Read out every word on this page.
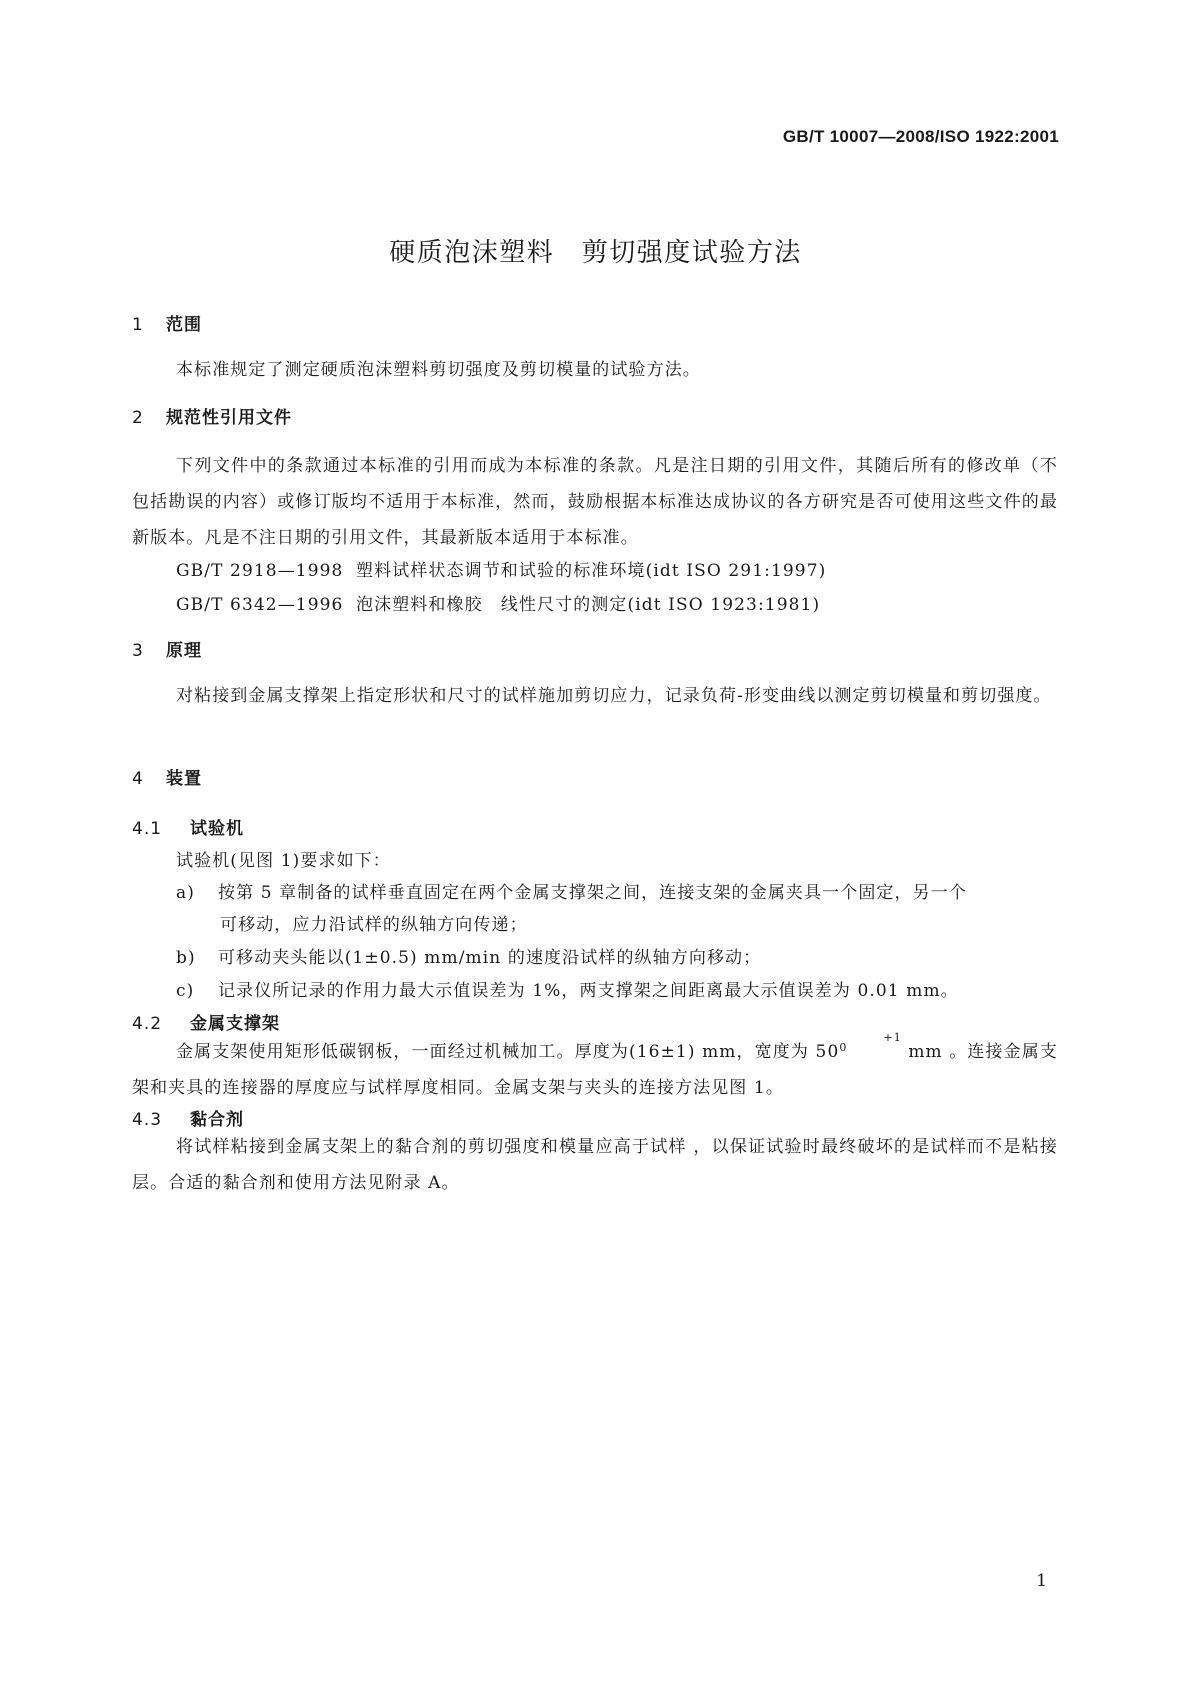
GB/T 10007—2008/ISO 1922:2001
硬质泡沫塑料　剪切强度试验方法
1 范围
本标准规定了测定硬质泡沫塑料剪切强度及剪切模量的试验方法。
2 规范性引用文件
下列文件中的条款通过本标准的引用而成为本标准的条款。凡是注日期的引用文件，其随后所有的修改单（不包括勘误的内容）或修订版均不适用于本标准，然而，鼓励根据本标准达成协议的各方研究是否可使用这些文件的最新版本。凡是不注日期的引用文件，其最新版本适用于本标准。
GB/T 2918—1998 塑料试样状态调节和试验的标准环境(idt ISO 291:1997)
GB/T 6342—1996 泡沫塑料和橡胶　线性尺寸的测定(idt ISO 1923:1981)
3 原理
对粘接到金属支撑架上指定形状和尺寸的试样施加剪切应力，记录负荷-形变曲线以测定剪切模量和剪切强度。
4 装置
4.1 试验机
试验机(见图 1)要求如下：
a) 按第 5 章制备的试样垂直固定在两个金属支撑架之间，连接支架的金属夹具一个固定，另一个
可移动，应力沿试样的纵轴方向传递；
b) 可移动夹头能以(1±0.5) mm/min 的速度沿试样的纵轴方向移动；
c) 记录仪所记录的作用力最大示值误差为 1%，两支撑架之间距离最大示值误差为 0.01 mm。
4.2 金属支撑架
金属支架使用矩形低碳钢板，一面经过机械加工。厚度为(16±1) mm，宽度为 $50^{+1 0}$	mm 。连接金属支架和夹具的连接器的厚度应与试样厚度相同。金属支架与夹头的连接方法见图 1。
4.3 黏合剂
将试样粘接到金属支架上的黏合剂的剪切强度和模量应高于试样 ，以保证试验时最终破坏的是试样而不是粘接层。合适的黏合剂和使用方法见附录 A。
1
